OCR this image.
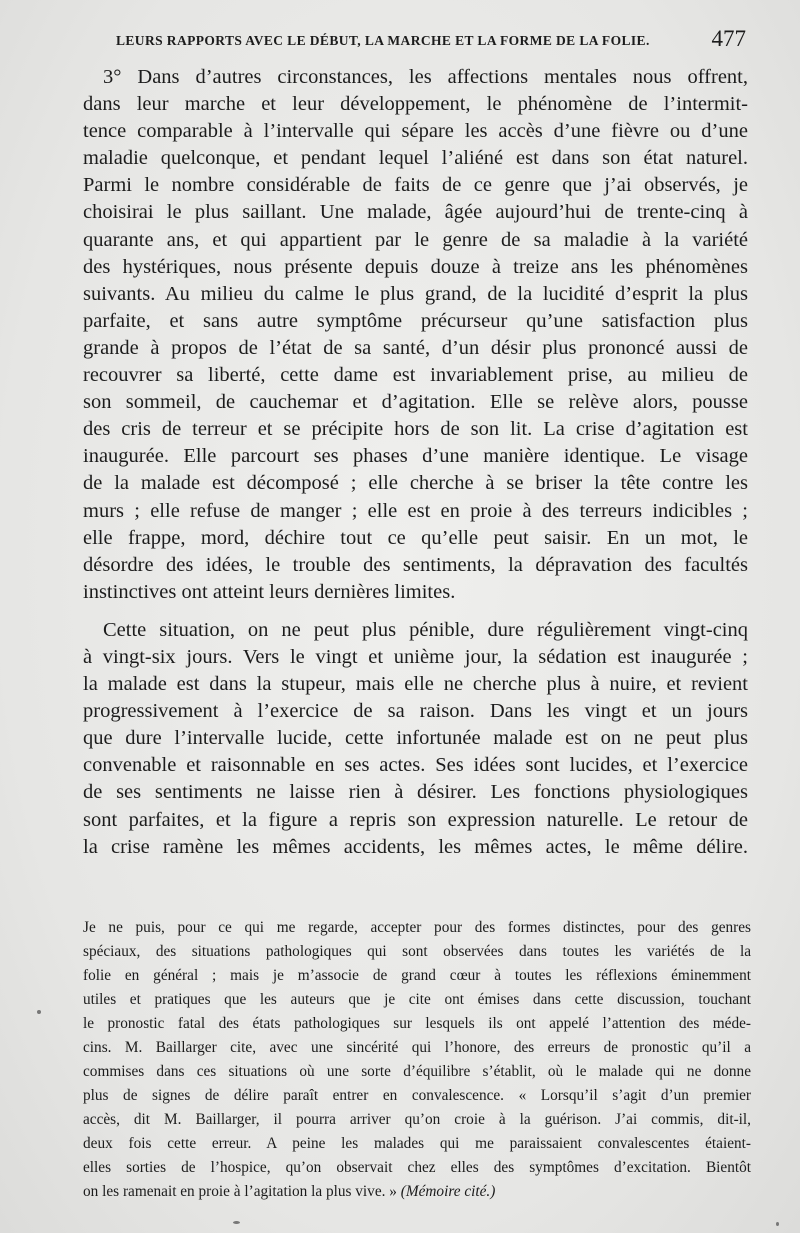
LEURS RAPPORTS AVEC LE DÉBUT, LA MARCHE ET LA FORME DE LA FOLIE.	477
3° Dans d’autres circonstances, les affections mentales nous offrent,
dans leur marche et leur développement, le phénomène de l’intermit-
tence comparable à l’intervalle qui sépare les accès d’une fièvre ou d’une
maladie quelconque, et pendant lequel l’aliéné est dans son état naturel.
Parmi le nombre considérable de faits de ce genre que j’ai observés, je
choisirai le plus saillant. Une malade, âgée aujourd’hui de trente-cinq à
quarante ans, et qui appartient par le genre de sa maladie à la variété
des hystériques, nous présente depuis douze à treize ans les phénomènes
suivants. Au milieu du calme le plus grand, de la lucidité d’esprit la plus
parfaite, et sans autre symptôme précurseur qu’une satisfaction plus
grande à propos de l’état de sa santé, d’un désir plus prononcé aussi de
recouvrer sa liberté, cette dame est invariablement prise, au milieu de
son sommeil, de cauchemar et d’agitation. Elle se relève alors, pousse
des cris de terreur et se précipite hors de son lit. La crise d’agitation est
inaugurée. Elle parcourt ses phases d’une manière identique. Le visage
de la malade est décomposé ; elle cherche à se briser la tête contre les
murs ; elle refuse de manger ; elle est en proie à des terreurs indicibles ;
elle frappe, mord, déchire tout ce qu’elle peut saisir. En un mot, le
désordre des idées, le trouble des sentiments, la dépravation des facultés
instinctives ont atteint leurs dernières limites.
Cette situation, on ne peut plus pénible, dure régulièrement vingt-cinq
à vingt-six jours. Vers le vingt et unième jour, la sédation est inaugurée ;
la malade est dans la stupeur, mais elle ne cherche plus à nuire, et revient
progressivement à l’exercice de sa raison. Dans les vingt et un jours
que dure l’intervalle lucide, cette infortunée malade est on ne peut plus
convenable et raisonnable en ses actes. Ses idées sont lucides, et l’exercice
de ses sentiments ne laisse rien à désirer. Les fonctions physiologiques
sont parfaites, et la figure a repris son expression naturelle. Le retour de
la crise ramène les mêmes accidents, les mêmes actes, le même délire.
Je ne puis, pour ce qui me regarde, accepter pour des formes distinctes, pour des genres
spéciaux, des situations pathologiques qui sont observées dans toutes les variétés de la
folie en général ; mais je m’associe de grand cœur à toutes les réflexions éminemment
utiles et pratiques que les auteurs que je cite ont émises dans cette discussion, touchant
le pronostic fatal des états pathologiques sur lesquels ils ont appelé l’attention des méde-
cins. M. Baillarger cite, avec une sincérité qui l’honore, des erreurs de pronostic qu’il a
commises dans ces situations où une sorte d’équilibre s’établit, où le malade qui ne donne
plus de signes de délire paraît entrer en convalescence. « Lorsqu’il s’agit d’un premier
accès, dit M. Baillarger, il pourra arriver qu’on croie à la guérison. J’ai commis, dit-il,
deux fois cette erreur. A peine les malades qui me paraissaient convalescentes étaient-
elles sorties de l’hospice, qu’on observait chez elles des symptômes d’excitation. Bientôt
on les ramenait en proie à l’agitation la plus vive. » (Mémoire cité.)
